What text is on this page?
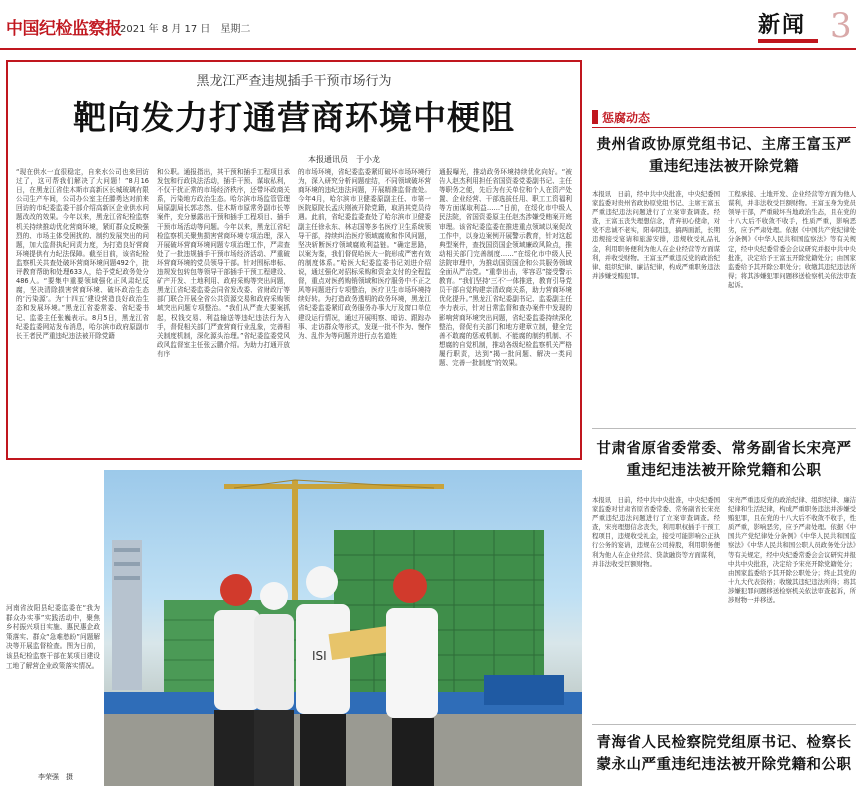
中国纪检监察报
2021 年 8 月 17 日　星期二	新闻 3
黑龙江严查违规插手干预市场行为
靶向发力打通营商环境中梗阻
本报通讯员　于小龙

“现在供水一直很稳定，自来水公司也来回访过了，这可帮我们解决了大问题！”8月16日，在黑龙江省佳木斯市高新区长城玻璃有限公司生产车间，公司办公室主任滕勇达对前来回访的市纪委监委干部介绍高新区企业供水问题改改的效果。今年以来，黑龙江省纪检监察机关持续推动优化营商环境，紧盯群众反映强烈的、市场主体受困扰的、制约发展突出的问题，加大监督执纪问责力度，为打造良好营商环境提供有力纪法保障。截至目前，该省纪检监察机关共查处破坏营商环境问题492个，批评教育帮助和处理633人，给予党纪政务处分486人。“要集中重要领域强化正风肃纪反腐，坚决清除损害营商环境、破坏政治生态的‘污染源’。为‘十四五’建设营造良好政治生态和发展环境。”黑龙江省委常委、省纪委书记、监委主任张巍表示。8月5日，黑龙江省纪委监委网站发布消息，哈尔滨市政府原副市长王者民严重违纪违法被开除党籍

和公职。通报指出，其干预和插手工程项目承发包和行政执法活动，插手干预、谋取私利，不仅干扰正常的市场经济秩序，还带坏政商关系，污染地方政治生态。哈尔滨市场监管管理局原副局长郭志然、佳木斯市原常务副市长等案件，充分暴露出干预和插手工程项目、插手干预市场活动等问题。今年以来，黑龙江省纪检监察机关聚焦损害营商环境专项治理，深入开展破坏营商环境问题专项治理工作，严肃查处了一批违规插手干预市场经济活动、严重破坏营商环境的党员领导干部。针对围标串标、违规发包转包等领导干部插手干预工程建设、矿产开发、土地利用、政府采购等突出问题，黑龙江省纪委监委会同省发改委、省财政厅等部门联合开展全省公共资源交易和政府采购领域突出问题专项整治。“我们从严查大要案抓起，权钱交易、利益输送等违纪违法行为入手，督促相关部门严查营商行业乱象，完善相关制度机制，深化源头治理。”省纪委监委党风政风监督室主任张云鹏介绍。为助力打通开放有序

的市场环境，省纪委监委紧盯破坏市场环境行为，深入研究分析问题症结，不同领域破坏营商环境的违纪违法问题，开展精准监督查处。今年4月，哈尔滨市卫健委原副主任、市第一医院原院长孟庆刚被开除党籍，取消其党员待遇。此前，省纪委监委查处了哈尔滨市卫健委副主任徐永东、林志国等多名医疗卫生系统领导干部，持续纠治医疗领域腐败和作风问题，坚决斩断医疗领域腐败利益链。“确定思路，以案为鉴，我们督促哈医大一院形成严密有效的制度体系。”哈医大纪委监委书记刘进介绍说，通过强化对招标采购和资金支付的全程监督，重点对医药购销领域和医疗服务中不正之风等问题进行专项整治，医疗卫生市场环境持续好转。为打造政务透明的政务环境，黑龙江省纪委监委紧盯政务服务办事大厅及窗口单位建设运行情况，通过开展明察、暗访、跟踪办事、走访群众等形式，发现一批不作为、慢作为、乱作为等问题并进行点名道姓

通报曝光，推动政务环境持续优化向好。“被告人赵杰利用担任省国资委党委副书记、主任等职务之便，先后为有关单位和个人在资产处置、企业经营、干部选拔任用、职工工资福利等方面谋取利益……”日前，在绥化市中级人民法院，省国资委原主任赵杰涉嫌受贿案开庭审理。该省纪委监委在推进重点领域以案促改工作中，以身边案例开展警示教育，针对这起典型案件，查找国资国企领域廉政风险点，推动相关部门完善制度……”在绥化市中级人民法院审理中，为推动国资国企和公共服务领域全面从严治党。“重拳出击，零容忍”接受警示教育。“我们坚持‘三不’一体推进，教育引导党员干部自觉构建亲清政商关系，助力营商环境优化提升。”黑龙江省纪委副书记、监委副主任李力表示，针对日常监督和查办案件中发现的影响营商环境突出问题，省纪委监委持续深化整治，督促有关部门和地方建章立制，健全完善不敢腐的惩戒机制、不能腐的制约机制、不想腐的自觉机制，推动各级纪检监察机关严格履行职责，达到“揭一批问题、解决一类问题、完善一批制度”的效果。

河南省汝阳县纪委监委在“我为群众办实事”实践活动中，聚焦乡村振兴项目实施、惠民惠企政策落实、群众“急难愁盼”问题解决等开展监督检查。图为日前，该县纪检监察干部在某项目建设工地了解营企业政策落实情况。
李荣强　摄
ISI
惩腐动态
贵州省政协原党组书记、主席王富玉严重违纪违法被开除党籍
本报讯　日前，经中共中央批准，中央纪委国家监委对贵州省政协原党组书记、主席王富玉严重违纪违法问题进行了立案审查调查。经查，王富玉丧失理想信念，背弃初心使命，对党不忠诚不老实，阳奉阴违，搞两面派，长期违规接受宴请和旅游安排，违规收受礼品礼金，利用职务便利为他人在企业经营等方面谋利，并收受财物。王富玉严重违反党的政治纪律、组织纪律、廉洁纪律，构成严重职务违法并涉嫌受贿犯罪。
工程承接、土地开发、企业经营等方面为他人谋利，并非法收受巨额财物。王富玉身为党员领导干部，严重破坏当地政治生态，且在党的十八大后不收敛不收手，性质严重，影响恶劣，应予严肃处理。依据《中国共产党纪律处分条例》《中华人民共和国监察法》等有关规定，经中央纪委常委会会议研究并报中共中央批准，决定给予王富玉开除党籍处分；由国家监委给予其开除公职处分；收缴其违纪违法所得；将其涉嫌犯罪问题移送检察机关依法审查起诉。
甘肃省原省委常委、常务副省长宋亮严重违纪违法被开除党籍和公职
本报讯　日前，经中共中央批准，中央纪委国家监委对甘肃省原省委常委、常务副省长宋亮严重违纪违法问题进行了立案审查调查。经查，宋亮理想信念丧失，利用职权插手干预工程项目，违规收受礼金，接受可能影响公正执行公务的宴请，违规在公司持股，利用职务便利为他人在企业经营、贷款融资等方面谋利，并非法收受巨额财物。
宋亮严重违反党的政治纪律、组织纪律、廉洁纪律和生活纪律，构成严重职务违法并涉嫌受贿犯罪，且在党的十八大后不收敛不收手，性质严重，影响恶劣，应予严肃处理。依据《中国共产党纪律处分条例》《中华人民共和国监察法》《中华人民共和国公职人员政务处分法》等有关规定，经中央纪委常委会会议研究并报中共中央批准，决定给予宋亮开除党籍处分；由国家监委给予其开除公职处分；终止其党的十九大代表资格；收缴其违纪违法所得；将其涉嫌犯罪问题移送检察机关依法审查起诉，所涉财物一并移送。
青海省人民检察院党组原书记、检察长蒙永山严重违纪违法被开除党籍和公职
